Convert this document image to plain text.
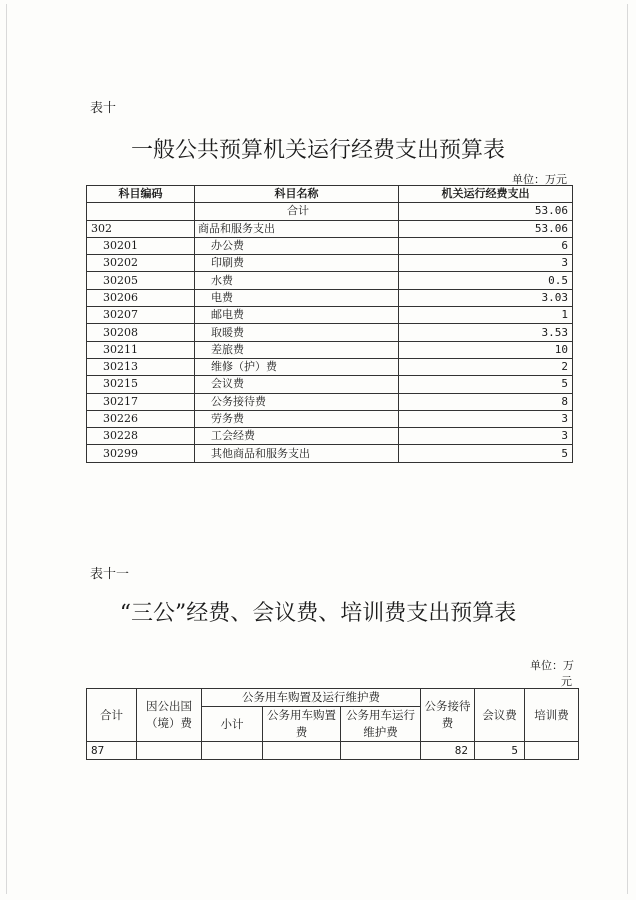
表十
一般公共预算机关运行经费支出预算表
单位：万元
科目编码	科目名称	机关运行经费支出
	合计	53.06
302	商品和服务支出	53.06
30201	办公费	6
30202	印刷费	3
30205	水费	0.5
30206	电费	3.03
30207	邮电费	1
30208	取暖费	3.53
30211	差旅费	10
30213	维修（护）费	2
30215	会议费	5
30217	公务接待费	8
30226	劳务费	3
30228	工会经费	3
30299	其他商品和服务支出	5
表十一
“三公”经费、会议费、培训费支出预算表
单位：万
元
合计	因公出国（境）费	公务用车购置及运行维护费			公务接待费	会议费	培训费
		小计	公务用车购置费	公务用车运行维护费			
87					82	5	
